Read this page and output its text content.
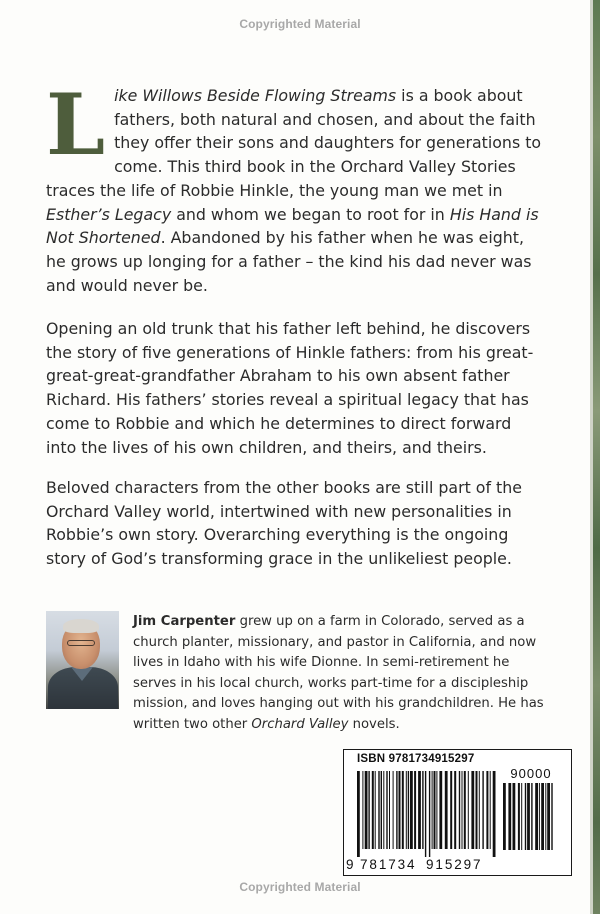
Copyrighted Material

Like Willows Beside Flowing Streams is a book about fathers, both natural and chosen, and about the faith they offer their sons and daughters for generations to come. This third book in the Orchard Valley Stories traces the life of Robbie Hinkle, the young man we met in Esther’s Legacy and whom we began to root for in His Hand is Not Shortened. Abandoned by his father when he was eight, he grows up longing for a father – the kind his dad never was and would never be.

Opening an old trunk that his father left behind, he discovers the story of five generations of Hinkle fathers: from his great-great-great-grandfather Abraham to his own absent father Richard. His fathers’ stories reveal a spiritual legacy that has come to Robbie and which he determines to direct forward into the lives of his own children, and theirs, and theirs.

Beloved characters from the other books are still part of the Orchard Valley world, intertwined with new personalities in Robbie’s own story. Overarching everything is the ongoing story of God’s transforming grace in the unlikeliest people.

Jim Carpenter grew up on a farm in Colorado, served as a church planter, missionary, and pastor in California, and now lives in Idaho with his wife Dionne. In semi-retirement he serves in his local church, works part-time for a discipleship mission, and loves hanging out with his grandchildren. He has written two other Orchard Valley novels.

ISBN 9781734915297
90000
9 781734 915297
Copyrighted Material
